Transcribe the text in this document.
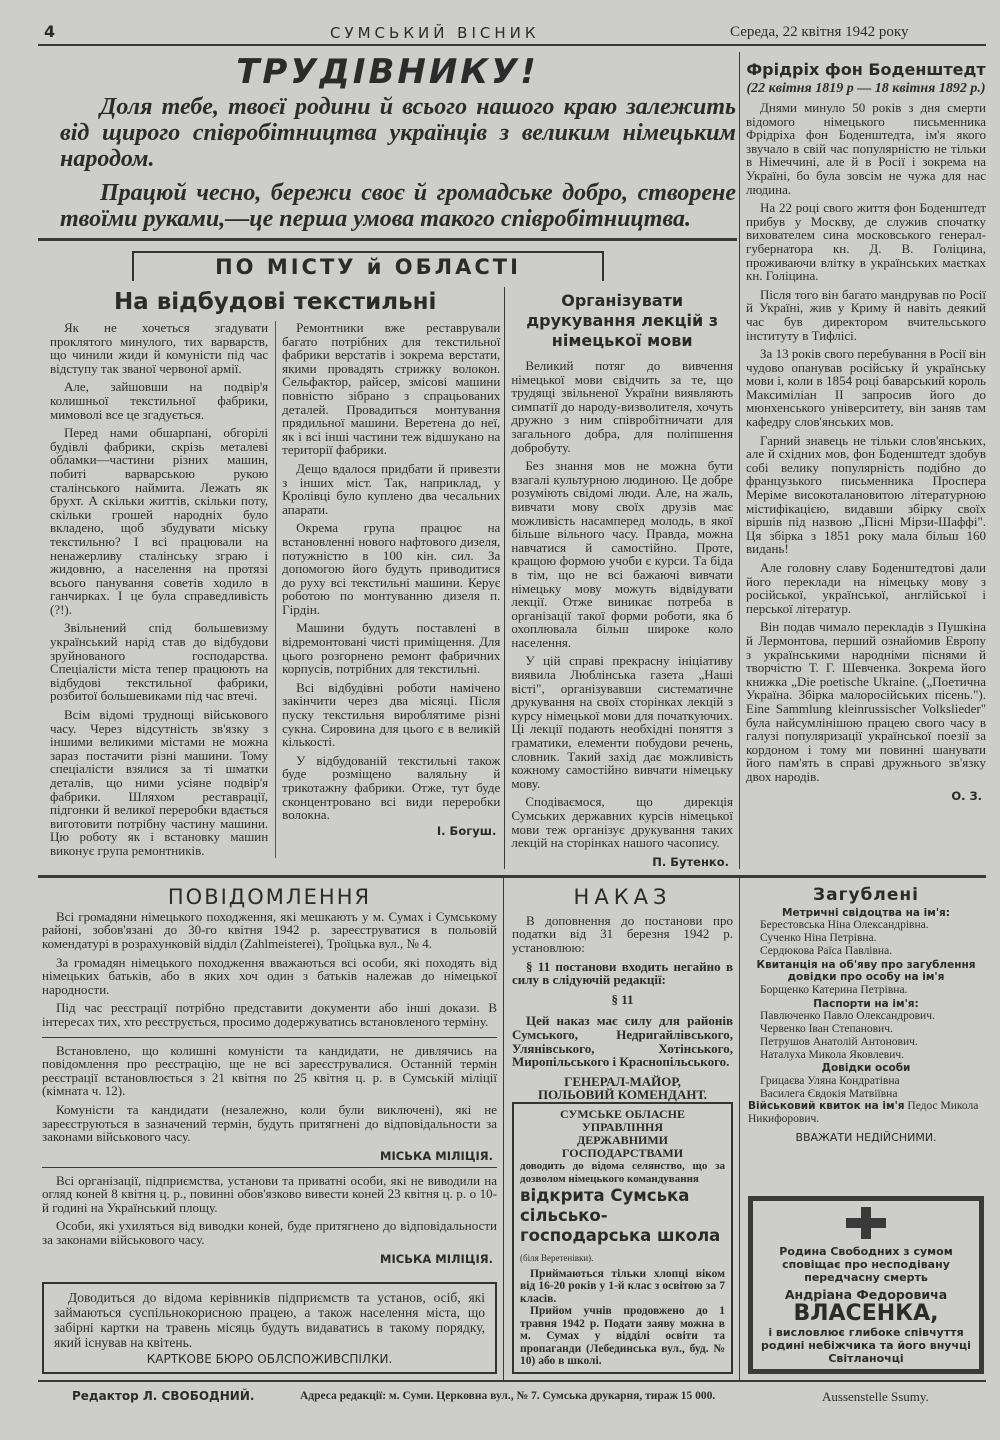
4	СУМСЬКИЙ ВІСНИК	Середа, 22 квітня 1942 року
ТРУДІВНИКУ!

Доля тебе, твоєї родини й всього нашого краю залежить від щирого співробітництва українців з великим німецьким народом.

Працюй чесно, бережи своє й громадське добро, створене твоїми руками,—це перша умова такого співробітництва.

ПО МІСТУ й ОБЛАСТІ
На відбудові текстильні

Як не хочеться згадувати проклятого минулого, тих варварств, що чинили жиди й комуністи під час відступу так званої червоної армії.

Але, зайшовши на подвір'я колишньої текстильної фабрики, мимоволі все це згадується.

Перед нами обшарпані, обгорілі будівлі фабрики, скрізь металеві обламки—частини різних машин, побиті варварською рукою сталінського наймита. Лежать як брухт. А скільки життів, скільки поту, скільки грошей народніх було вкладено, щоб збудувати міську текстильню? І всі працювали на ненажерливу сталінську зграю і жидовню, а населення на протязі всього панування советів ходило в ганчирках. І це була справедливість (?!).

Звільнений спід большевизму український нарід став до відбудови зруйнованого господарства. Спеціалісти міста тепер працюють на відбудові текстильної фабрики, розбитої большевиками під час втечі.

Всім відомі труднощі військового часу. Через відсутність зв'язку з іншими великими містами не можна зараз постачити різні машини. Тому спеціалісти взялися за ті шматки деталів, що ними усіяне подвір'я фабрики. Шляхом реставрації, підгонки й великої переробки вдається виготовити потрібну частину машини. Цю роботу як і встановку машин виконує група ремонтників.

Ремонтники вже реставрували багато потрібних для текстильної фабрики верстатів і зокрема верстати, якими провадять стрижку волокон. Сельфактор, райсер, змісові машини повністю зібрано з спрацьованих деталей. Провадиться монтування прядильної машини. Веретена до неї, як і всі інші частини теж відшукано на території фабрики.

Дещо вдалося придбати й привезти з інших міст. Так, наприклад, у Кролівці було куплено два чесальних апарати.

Окрема група працює на встановленні нового нафтового дизеля, потужністю в 100 кін. сил. За допомогою його будуть приводитися до руху всі текстильні машини. Керує роботою по монтуванню дизеля п. Гірдін.

Машини будуть поставлені в відремонтовані чисті приміщення. Для цього розгорнено ремонт фабричних корпусів, потрібних для текстильні.

Всі відбудівні роботи намічено закінчити через два місяці. Після пуску текстильня вироблятиме різні сукна. Сировина для цього є в великій кількості.

У відбудованій текстильні також буде розміщено валяльну й трикотажну фабрики. Отже, тут буде сконцентровано всі види переробки волокна.

І. Богуш.
Організувати друкування лекцій з німецької мови

Великий потяг до вивчення німецької мови свідчить за те, що трудящі звільненої України виявляють симпатії до народу-визволителя, хочуть дружно з ним співробітничати для загального добра, для поліпшення добробуту.

Без знання мов не можна бути взагалі культурною людиною. Це добре розуміють свідомі люди. Але, на жаль, вивчати мову своїх друзів має можливість насамперед молодь, в якої більше вільного часу. Правда, можна навчатися й самостійно. Проте, кращою формою учоби є курси. Та біда в тім, що не всі бажаючі вивчати німецьку мову можуть відвідувати лекції. Отже виникає потреба в організації такої форми роботи, яка б охоплювала більш широке коло населення.

У цій справі прекрасну ініціативу виявила Люблінська газета „Наші вісті", організувавши систематичне друкування на своїх сторінках лекцій з курсу німецької мови для початкуючих. Ці лекції подають необхідні поняття з граматики, елементи побудови речень, словник. Такий захід дає можливість кожному самостійно вивчати німецьку мову.

Сподіваємося, що дирекція Сумських державних курсів німецької мови теж організує друкування таких лекцій на сторінках нашого часопису.

П. Бутенко.
Фрідріх фон Боденштедт
(22 квітня 1819 р — 18 квітня 1892 р.)

Днями минуло 50 років з дня смерти відомого німецького письменника Фрідріха фон Боденштедта, ім'я якого звучало в свій час популярністю не тільки в Німеччині, але й в Росії і зокрема на Україні, бо була зовсім не чужа для нас людина.

На 22 році свого життя фон Боденштедт прибув у Москву, де служив спочатку вихователем сина московського генерал-губернатора кн. Д. В. Голіцина, проживаючи влітку в українських маєтках кн. Голіцина.

Після того він багато мандрував по Росії й Україні, жив у Криму й навіть деякий час був директором вчительського інституту в Тифлісі.

За 13 років свого перебування в Росії він чудово опанував російську й українську мови і, коли в 1854 році баварський король Максиміліан II запросив його до мюнхенського університету, він заняв там кафедру слов'янських мов.

Гарний знавець не тільки слов'янських, але й східних мов, фон Боденштедт здобув собі велику популярність подібно до французького письменника Проспера Меріме високоталановитою літературною містифікацією, видавши збірку своїх віршів під назвою „Пісні Мірзи-Шаффі". Ця збірка з 1851 року мала більш 160 видань!

Але головну славу Боденштедтові дали його переклади на німецьку мову з російської, української, англійської і перської літератур.

Він подав чимало перекладів з Пушкіна й Лермонтова, перший ознайомив Европу з українськими народніми піснями й творчістю Т. Г. Шевченка. Зокрема його книжка „Die poetische Ukraine. („Поетична Україна. Збірка малоросійських пісень."). Eine Sammlung kleinrussischer Volkslieder" була найсумлінішою працею свого часу в галузі популяризації української поезії за кордоном і тому ми повинні шанувати його пам'ять в справі дружнього зв'язку двох народів.

О. З.
ПОВІДОМЛЕННЯ

Всі громадяни німецького походження, які мешкають у м. Сумах і Сумському районі, зобов'язані до 30-го квітня 1942 р. зареєструватися в польовій комендатурі в розрахунковій відділ (Zahlmeisterei), Троїцька вул., № 4.

За громадян німецького походження вважаються всі особи, які походять від німецьких батьків, або в яких хоч один з батьків належав до німецької народности.

Під час реєстрації потрібно представити документи або інші докази. В інтересах тих, хто реєструється, просимо додержуватись встановленого терміну.

Встановлено, що колишні комуністи та кандидати, не дивлячись на повідомлення про реєстрацію, ще не всі зареєструвалися. Останній термін реєстрації встановлюється з 21 квітня по 25 квітня ц. р. в Сумській міліції (кімната ч. 12).

Комуністи та кандидати (незалежно, коли були виключені), які не зареєструються в зазначений термін, будуть притягнені до відповідальности за законами військового часу.

МІСЬКА МІЛІЦІЯ.

Всі організації, підприємства, установи та приватні особи, які не виводили на огляд коней 8 квітня ц. р., повинні обов'язково вивести коней 23 квітня ц. р. о 10-й годині на Український площу.

Особи, які ухиляться від виводки коней, буде притягнено до відповідальности за законами військового часу.

МІСЬКА МІЛІЦІЯ.
Доводиться до відома керівників підприємств та установ, осіб, які займаються суспільнокорисною працею, а також населення міста, що забірні картки на травень місяць будуть видаватись в такому порядку, який існував на квітень.
КАРТКОВЕ БЮРО ОБЛСПОЖИВСПІЛКИ.
НАКАЗ

В доповнення до постанови про податки від 31 березня 1942 р. установлюю:

§ 11 постанови входить негайно в силу в слідуючій редакції:

§ 11

Цей наказ має силу для районів Сумського, Недригайлівського, Улянівського, Хотінського, Миропільського і Краснопільського.

ГЕНЕРАЛ-МАЙОР,
ПОЛЬОВИЙ КОМЕНДАНТ.
СУМСЬКЕ ОБЛАСНЕ УПРАВЛІННЯ
ДЕРЖАВНИМИ ГОСПОДАРСТВАМИ
доводить до відома селянство, що за дозволом німецького командування
відкрита Сумська сільсько-
господарська школа (біля Веретенівки).
Приймаються тільки хлопці віком від 16-20 років у 1-й клас з освітою за 7 класів.
Прийом учнів продовжено до 1 травня 1942 р. Подати заяву можна в м. Сумах у відділі освіти та пропаганди (Лебединська вул., буд. № 10) або в школі.
Загублені
Метричні свідоцтва на ім'я:
Берестовська Ніна Олександрівна.
Сученко Ніна Петрівна.
Сердюкова Раїса Павлівна.
Квитанція на об'яву про загублення довідки про особу на ім'я
Борщенко Катерина Петрівна.
Паспорти на ім'я:
Павлюченко Павло Олександрович.
Червенко Іван Степанович.
Петрушов Анатолій Антонович.
Наталуха Микола Яковлевич.
Довідки особи
Грицаєва Уляна Кондратівна
Василега Євдокія Матвіївна
Військовий квиток на ім'я Педос Микола Никифорович.
ВВАЖАТИ НЕДІЙСНИМИ.
Родина Свободних з сумом сповіщає про несподівану передчасну смерть
Андріана Федоровича
ВЛАСЕНКА,
і висловлює глибоке співчуття родині небіжчика та його внучці Світланочці
Редактор Л. СВОБОДНИЙ.	Адреса редакції: м. Суми. Церковна вул., № 7. Сумська друкарня, тираж 15 000.	Aussenstelle Ssumy.
